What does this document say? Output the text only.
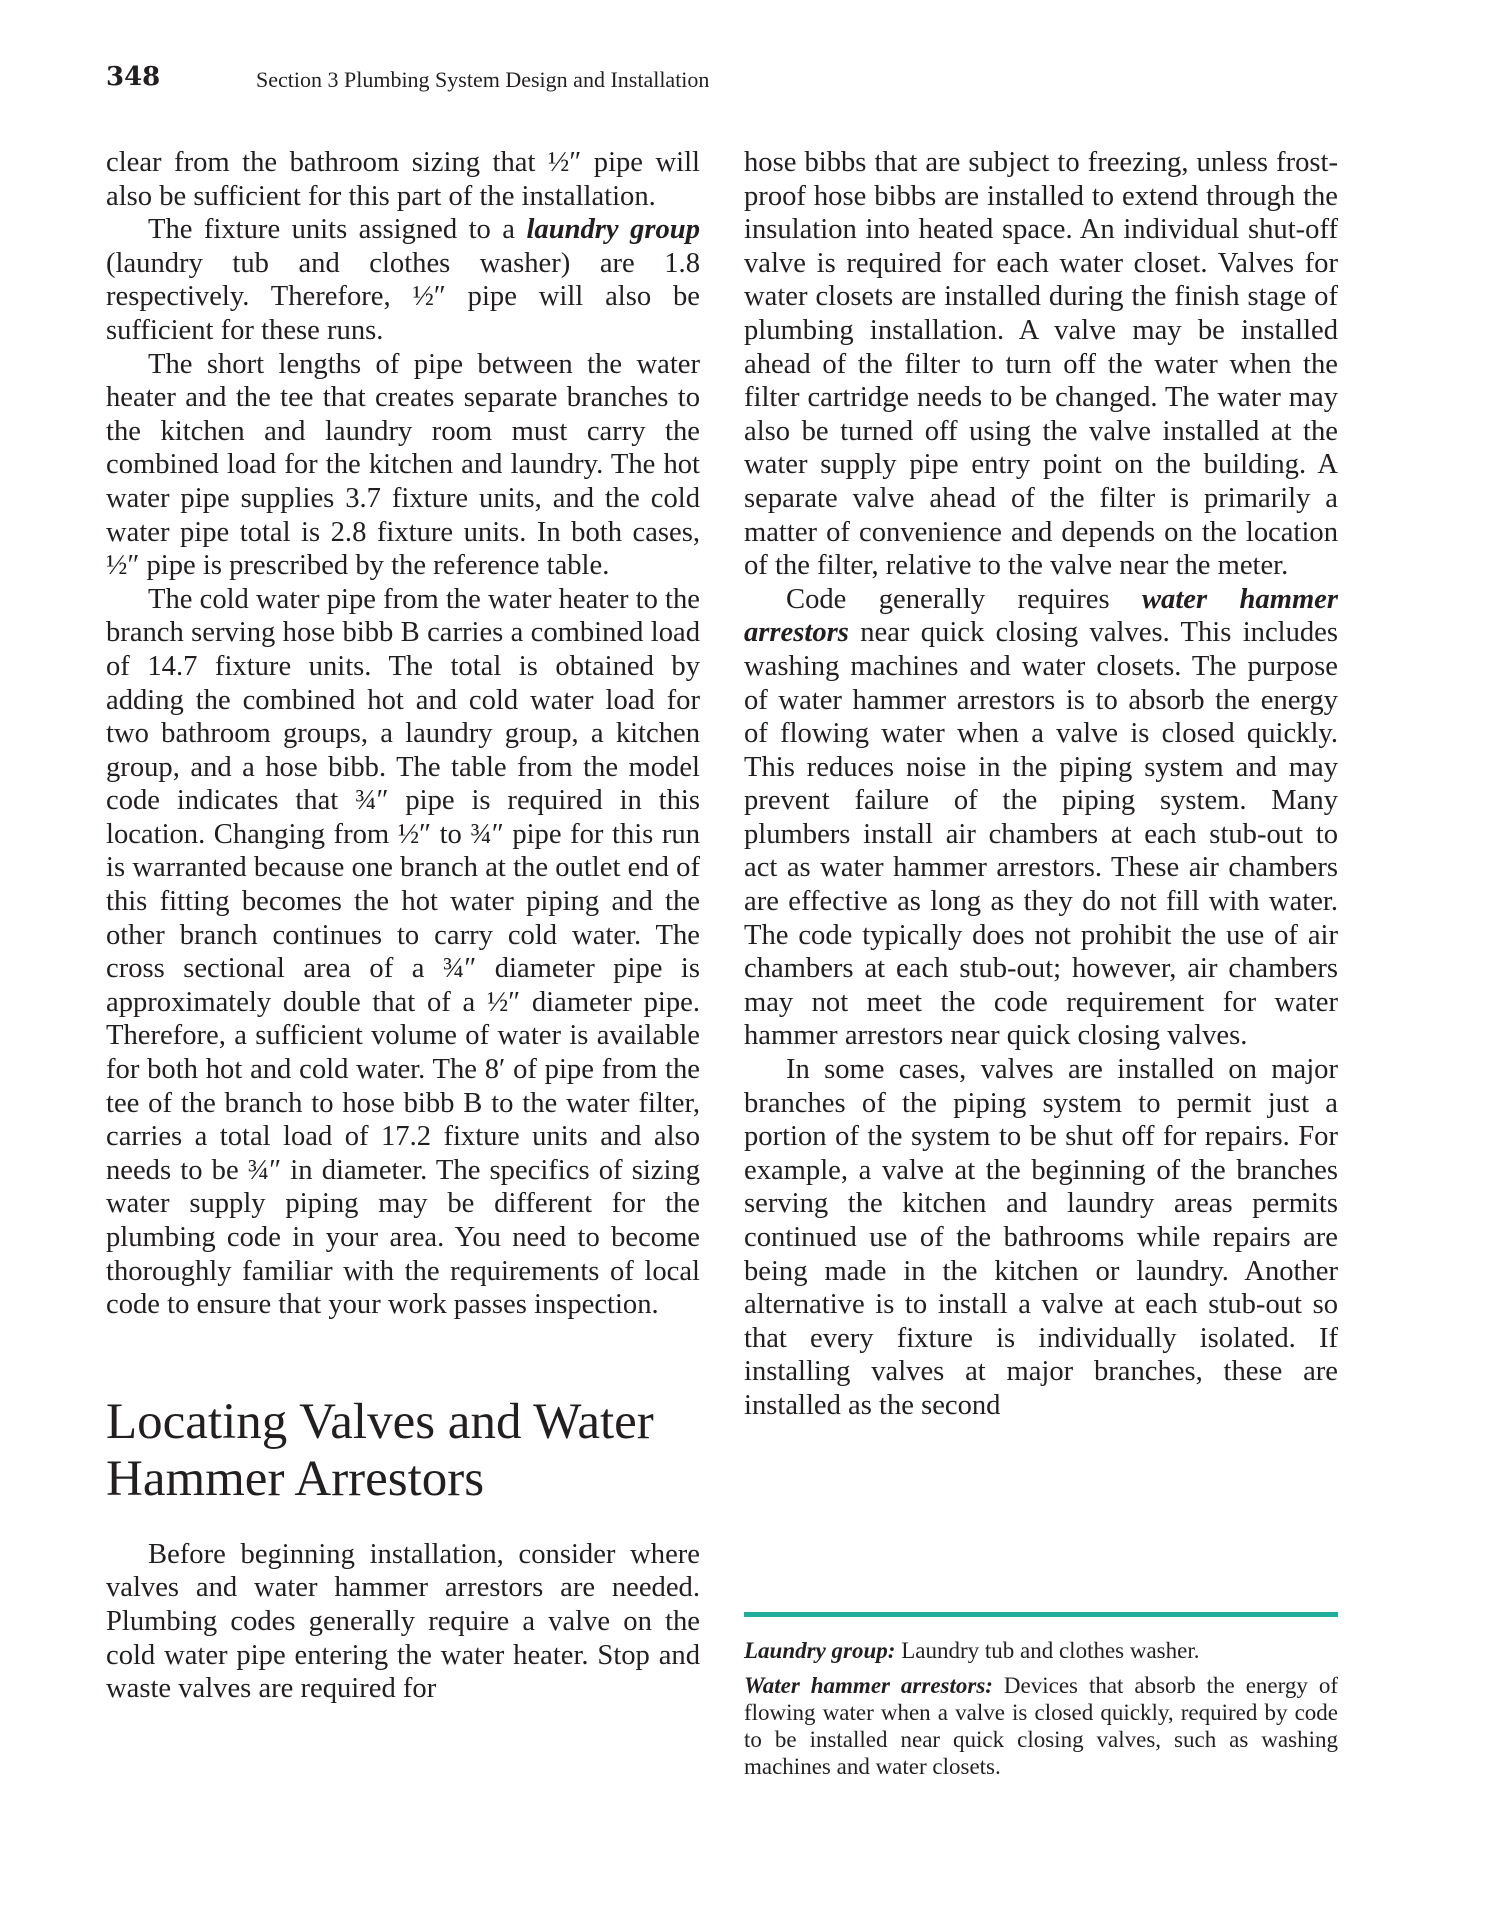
348	Section 3 Plumbing System Design and Installation

clear from the bathroom sizing that ½″ pipe will also be sufficient for this part of the installation.

The fixture units assigned to a laundry group (laundry tub and clothes washer) are 1.8 respectively. Therefore, ½″ pipe will also be sufficient for these runs.

The short lengths of pipe between the water heater and the tee that creates separate branches to the kitchen and laundry room must carry the combined load for the kitchen and laundry. The hot water pipe supplies 3.7 fixture units, and the cold water pipe total is 2.8 fixture units. In both cases, ½″ pipe is prescribed by the reference table.

The cold water pipe from the water heater to the branch serving hose bibb B carries a combined load of 14.7 fixture units. The total is obtained by adding the combined hot and cold water load for two bathroom groups, a laundry group, a kitchen group, and a hose bibb. The table from the model code indicates that ¾″ pipe is required in this location. Changing from ½″ to ¾″ pipe for this run is warranted because one branch at the outlet end of this fitting becomes the hot water piping and the other branch continues to carry cold water. The cross sectional area of a ¾″ diameter pipe is approximately double that of a ½″ diameter pipe. Therefore, a sufficient volume of water is available for both hot and cold water. The 8′ of pipe from the tee of the branch to hose bibb B to the water filter, carries a total load of 17.2 fixture units and also needs to be ¾″ in diameter. The specifics of sizing water supply piping may be different for the plumbing code in your area. You need to become thoroughly familiar with the requirements of local code to ensure that your work passes inspection.

Locating Valves and Water Hammer Arrestors

Before beginning installation, consider where valves and water hammer arrestors are needed. Plumbing codes generally require a valve on the cold water pipe entering the water heater. Stop and waste valves are required for

hose bibbs that are subject to freezing, unless frost-proof hose bibbs are installed to extend through the insulation into heated space. An individual shut-off valve is required for each water closet. Valves for water closets are installed during the finish stage of plumbing installation. A valve may be installed ahead of the filter to turn off the water when the filter cartridge needs to be changed. The water may also be turned off using the valve installed at the water supply pipe entry point on the building. A separate valve ahead of the filter is primarily a matter of convenience and depends on the location of the filter, relative to the valve near the meter.

Code generally requires water hammer arrestors near quick closing valves. This includes washing machines and water closets. The purpose of water hammer arrestors is to absorb the energy of flowing water when a valve is closed quickly. This reduces noise in the piping system and may prevent failure of the piping system. Many plumbers install air chambers at each stub-out to act as water hammer arrestors. These air chambers are effective as long as they do not fill with water. The code typically does not prohibit the use of air chambers at each stub-out; however, air chambers may not meet the code requirement for water hammer arrestors near quick closing valves.

In some cases, valves are installed on major branches of the piping system to permit just a portion of the system to be shut off for repairs. For example, a valve at the beginning of the branches serving the kitchen and laundry areas permits continued use of the bathrooms while repairs are being made in the kitchen or laundry. Another alternative is to install a valve at each stub-out so that every fixture is individually isolated. If installing valves at major branches, these are installed as the second

Laundry group: Laundry tub and clothes washer.

Water hammer arrestors: Devices that absorb the energy of flowing water when a valve is closed quickly, required by code to be installed near quick closing valves, such as washing machines and water closets.
